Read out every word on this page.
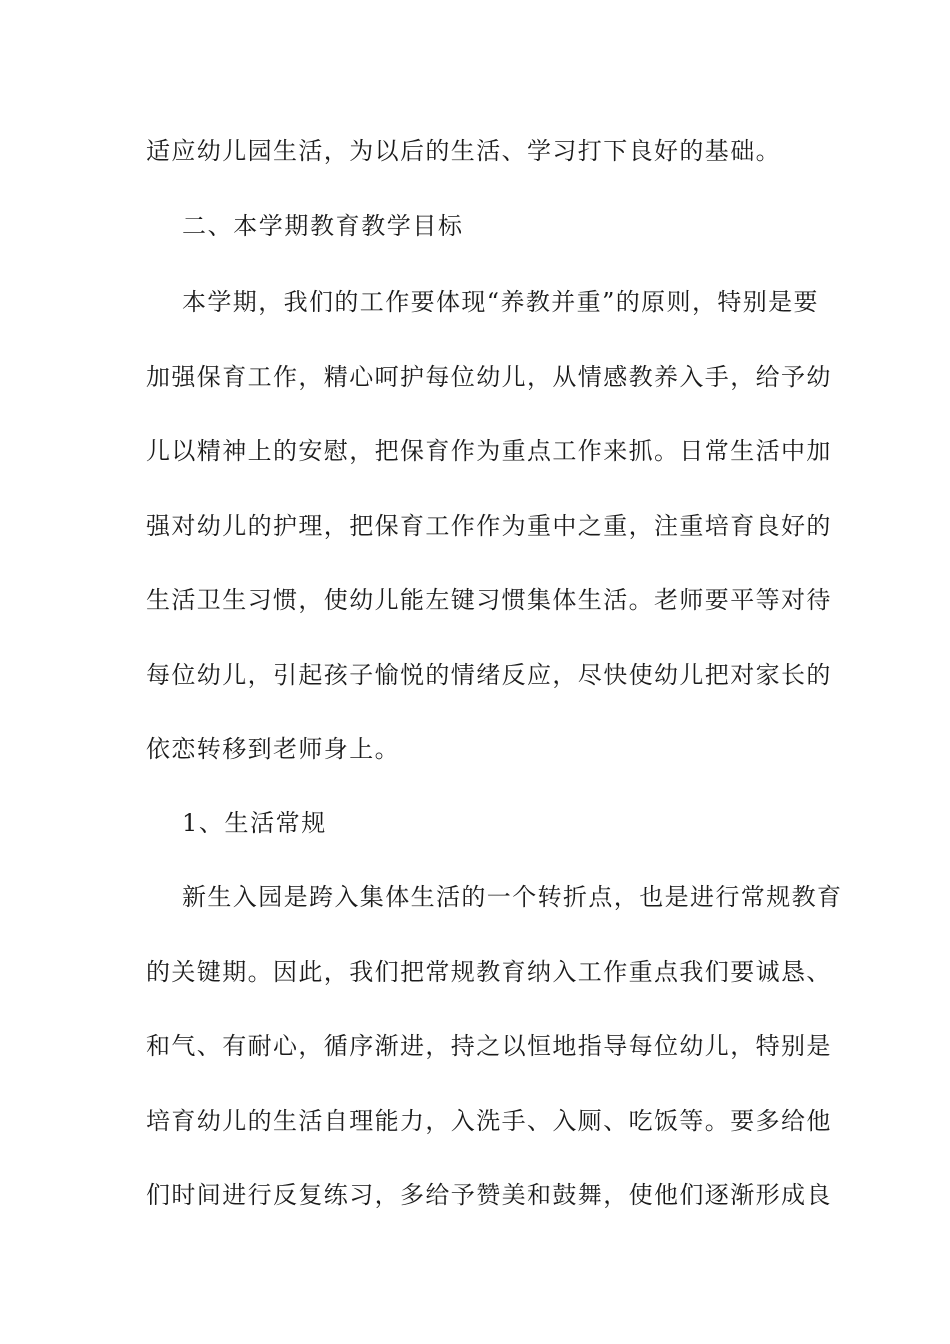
适应幼儿园生活，为以后的生活、学习打下良好的基础。
二、本学期教育教学目标
本学期，我们的工作要体现“养教并重”的原则，特别是要
加强保育工作，精心呵护每位幼儿，从情感教养入手，给予幼
儿以精神上的安慰，把保育作为重点工作来抓。日常生活中加
强对幼儿的护理，把保育工作作为重中之重，注重培育良好的
生活卫生习惯，使幼儿能左键习惯集体生活。老师要平等对待
每位幼儿，引起孩子愉悦的情绪反应，尽快使幼儿把对家长的
依恋转移到老师身上。
1、生活常规
新生入园是跨入集体生活的一个转折点，也是进行常规教育
的关键期。因此，我们把常规教育纳入工作重点我们要诚恳、
和气、有耐心，循序渐进，持之以恒地指导每位幼儿，特别是
培育幼儿的生活自理能力，入洗手、入厕、吃饭等。要多给他
们时间进行反复练习，多给予赞美和鼓舞，使他们逐渐形成良
